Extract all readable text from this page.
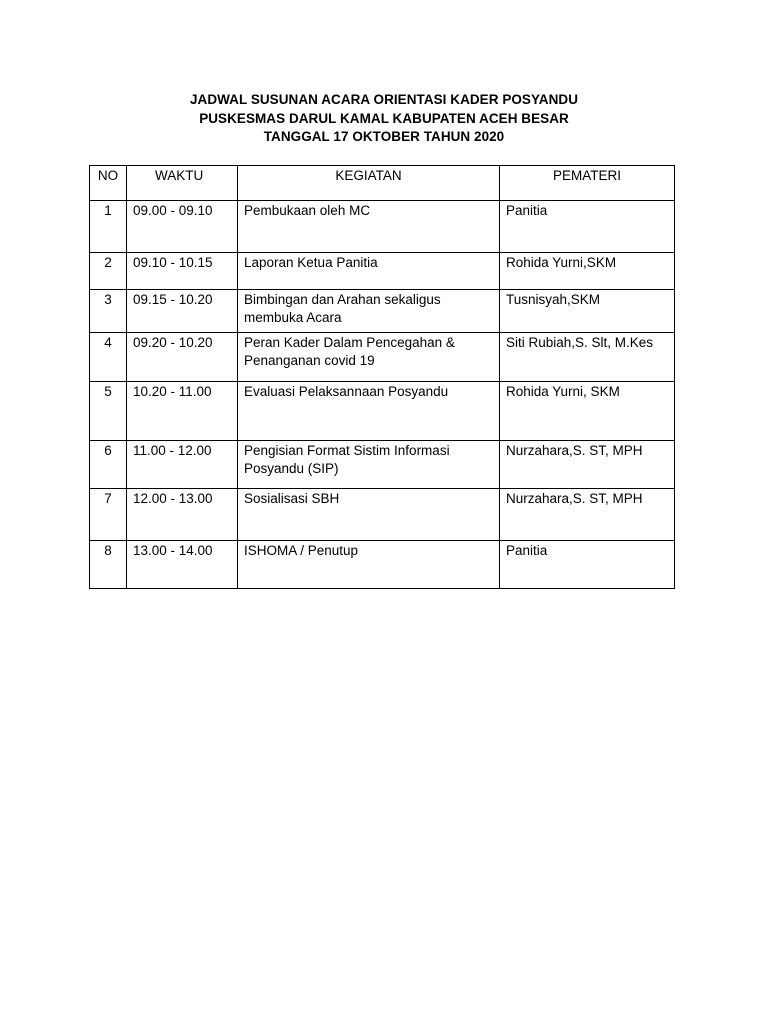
JADWAL SUSUNAN ACARA ORIENTASI KADER POSYANDU
PUSKESMAS DARUL KAMAL KABUPATEN ACEH BESAR
TANGGAL 17 OKTOBER TAHUN 2020
NO	WAKTU	KEGIATAN	PEMATERI
1	09.00 - 09.10	Pembukaan oleh MC	Panitia
2	09.10 - 10.15	Laporan Ketua Panitia	Rohida Yurni,SKM
3	09.15 - 10.20	Bimbingan dan Arahan sekaligus membuka Acara	Tusnisyah,SKM
4	09.20 - 10.20	Peran Kader Dalam Pencegahan & Penanganan covid 19	Siti Rubiah,S. Slt, M.Kes
5	10.20 - 11.00	Evaluasi Pelaksannaan Posyandu	Rohida Yurni, SKM
6	11.00 - 12.00	Pengisian Format Sistim Informasi Posyandu (SIP)	Nurzahara,S. ST, MPH
7	12.00 - 13.00	Sosialisasi SBH	Nurzahara,S. ST, MPH
8	13.00 - 14.00	ISHOMA / Penutup	Panitia
